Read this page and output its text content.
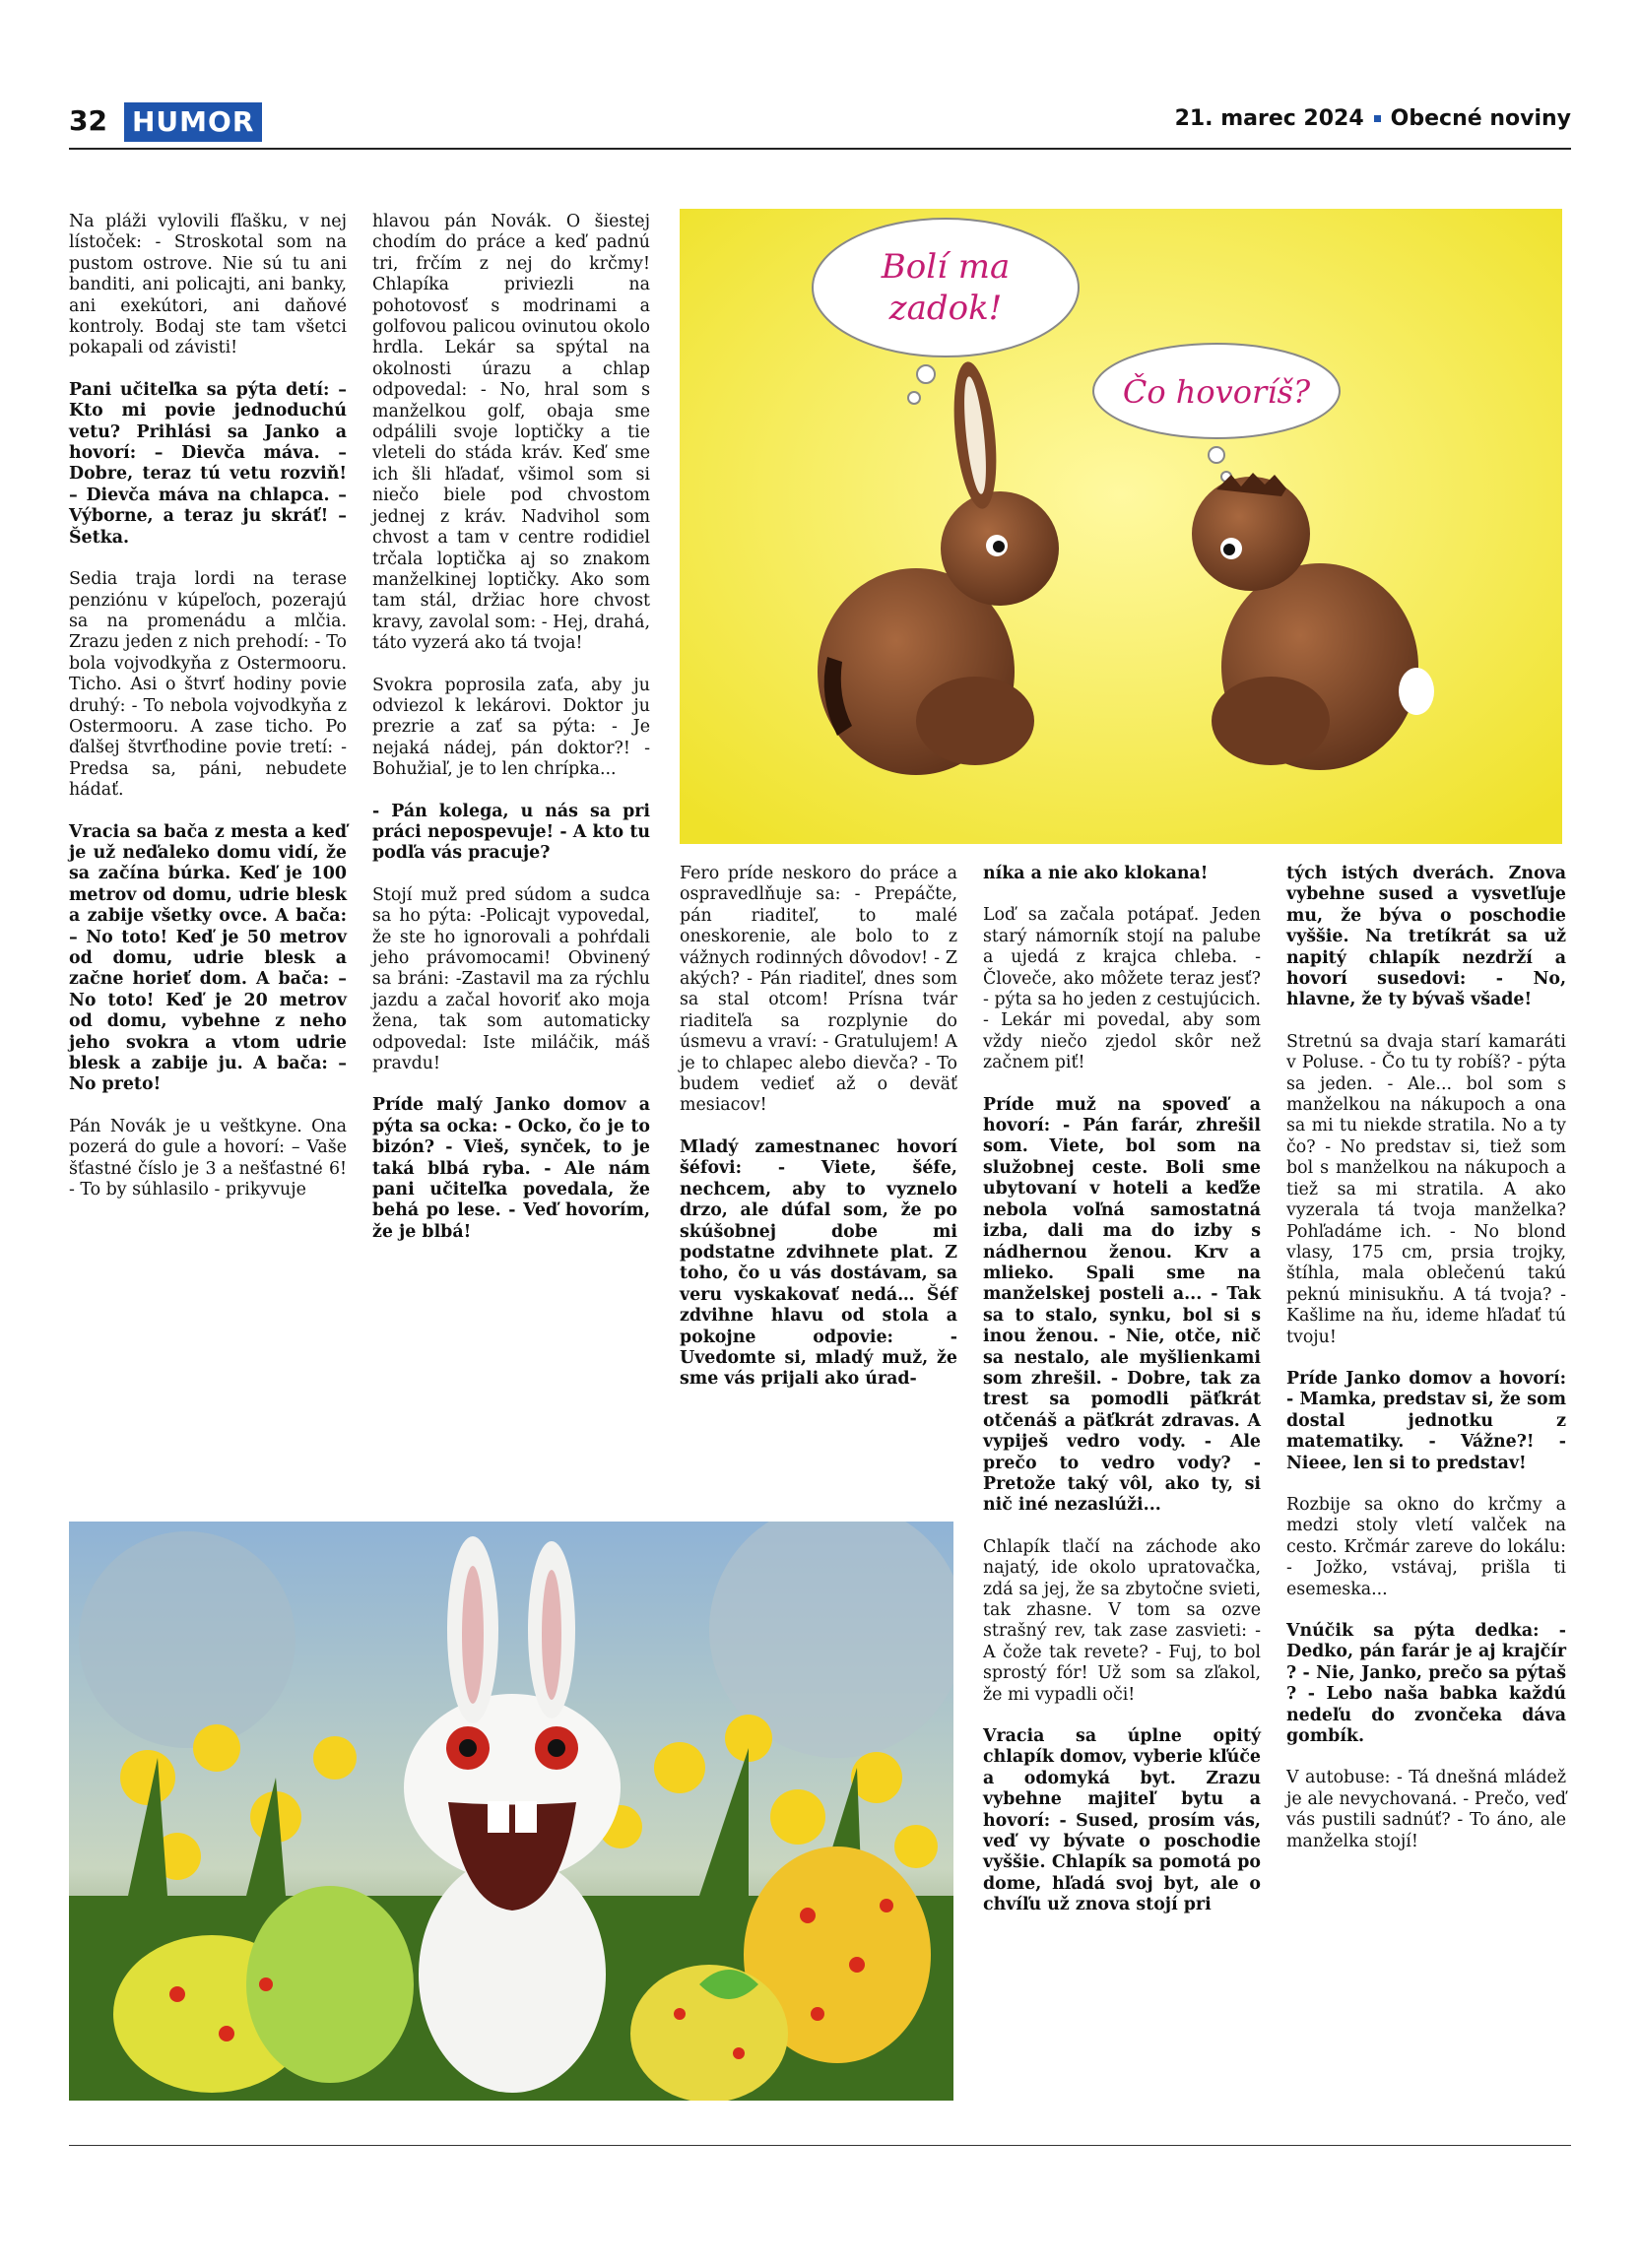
32 HUMOR	21. marec 2024 Obecné noviny

Na pláži vylovili fľašku, v nej lístoček: - Stroskotal som na pustom ostrove. Nie sú tu ani banditi, ani policajti, ani banky, ani exekútori, ani daňové kontroly. Bodaj ste tam všetci pokapali od závisti!

Pani učiteľka sa pýta detí: – Kto mi povie jednoduchú vetu? Prihlási sa Janko a hovorí: – Dievča máva. – Dobre, teraz tú vetu rozviň! – Dievča máva na chlapca. – Výborne, a teraz ju skráť! – Šetka.

Sedia traja lordi na terase penziónu v kúpeľoch, pozerajú sa na promenádu a mlčia. Zrazu jeden z nich prehodí: - To bola vojvodkyňa z Ostermooru. Ticho. Asi o štvrť hodiny povie druhý: - To nebola vojvodkyňa z Ostermooru. A zase ticho. Po ďalšej štvrťhodine povie tretí: - Predsa sa, páni, nebudete hádať.

Vracia sa bača z mesta a keď je už neďaleko domu vidí, že sa začína búrka. Keď je 100 metrov od domu, udrie blesk a zabije všetky ovce. A bača: – No toto! Keď je 50 metrov od domu, udrie blesk a začne horieť dom. A bača: – No toto! Keď je 20 metrov od domu, vybehne z neho jeho svokra a vtom udrie blesk a zabije ju. A bača: – No preto!

Pán Novák je u veštkyne. Ona pozerá do gule a hovorí: – Vaše šťastné číslo je 3 a nešťastné 6! - To by súhlasilo - prikyvuje

hlavou pán Novák. O šiestej chodím do práce a keď padnú tri, frčím z nej do krčmy! Chlapíka priviezli na pohotovosť s modrinami a golfovou palicou ovinutou okolo hrdla. Lekár sa spýtal na okolnosti úrazu a chlap odpovedal: - No, hral som s manželkou golf, obaja sme odpálili svoje loptičky a tie vleteli do stáda kráv. Keď sme ich šli hľadať, všimol som si niečo biele pod chvostom jednej z kráv. Nadvihol som chvost a tam v centre rodidiel trčala loptička aj so znakom manželkinej loptičky. Ako som tam stál, držiac hore chvost kravy, zavolal som: - Hej, drahá, táto vyzerá ako tá tvoja!

Svokra poprosila zaťa, aby ju odviezol k lekárovi. Doktor ju prezrie a zať sa pýta: - Je nejaká nádej, pán doktor?! - Bohužiaľ, je to len chrípka...

- Pán kolega, u nás sa pri práci nepospevuje! - A kto tu podľa vás pracuje?

Stojí muž pred súdom a sudca sa ho pýta: -Policajt vypovedal, že ste ho ignorovali a pohŕdali jeho právomocami! Obvinený sa bráni: -Zastavil ma za rýchlu jazdu a začal hovoriť ako moja žena, tak som automaticky odpovedal: Iste miláčik, máš pravdu!

Príde malý Janko domov a pýta sa ocka: - Ocko, čo je to bizón? - Vieš, synček, to je taká blbá ryba. - Ale nám pani učiteľka povedala, že behá po lese. - Veď hovorím, že je blbá!

Bolí ma
zadok!
Čo hovoríš?

Fero príde neskoro do práce a ospravedlňuje sa: - Prepáčte, pán riaditeľ, to malé oneskorenie, ale bolo to z vážnych rodinných dôvodov! - Z akých? - Pán riaditeľ, dnes som sa stal otcom! Prísna tvár riaditeľa sa rozplynie do úsmevu a vraví: - Gratulujem! A je to chlapec alebo dievča? - To budem vedieť až o deväť mesiacov!

Mladý zamestnanec hovorí šéfovi: - Viete, šéfe, nechcem, aby to vyznelo drzo, ale dúfal som, že po skúšobnej dobe mi podstatne zdvihnete plat. Z toho, čo u vás dostávam, sa veru vyskakovať nedá… Šéf zdvihne hlavu od stola a pokojne odpovie: - Uvedomte si, mladý muž, že sme vás prijali ako úrad-

níka a nie ako klokana!

Loď sa začala potápať. Jeden starý námorník stojí na palube a ujedá z krajca chleba. - Človeče, ako môžete teraz jesť? - pýta sa ho jeden z cestujúcich. - Lekár mi povedal, aby som vždy niečo zjedol skôr než začnem piť!

Príde muž na spoveď a hovorí: - Pán farár, zhrešil som. Viete, bol som na služobnej ceste. Boli sme ubytovaní v hoteli a keďže nebola voľná samostatná izba, dali ma do izby s nádhernou ženou. Krv a mlieko. Spali sme na manželskej posteli a... - Tak sa to stalo, synku, bol si s inou ženou. - Nie, otče, nič sa nestalo, ale myšlienkami som zhrešil. - Dobre, tak za trest sa pomodli päťkrát otčenáš a päťkrát zdravas. A vypiješ vedro vody. - Ale prečo to vedro vody? - Pretože taký vôl, ako ty, si nič iné nezaslúži...

Chlapík tlačí na záchode ako najatý, ide okolo upratovačka, zdá sa jej, že sa zbytočne svieti, tak zhasne. V tom sa ozve strašný rev, tak zase zasvieti: - A čože tak revete? - Fuj, to bol sprostý fór! Už som sa zľakol, že mi vypadli oči!

Vracia sa úplne opitý chlapík domov, vyberie kľúče a odomyká byt. Zrazu vybehne majiteľ bytu a hovorí: - Sused, prosím vás, veď vy bývate o poschodie vyššie. Chlapík sa pomotá po dome, hľadá svoj byt, ale o chvíľu už znova stojí pri

tých istých dverách. Znova vybehne sused a vysvetľuje mu, že býva o poschodie vyššie. Na tretíkrát sa už napitý chlapík nezdrží a hovorí susedovi: - No, hlavne, že ty bývaš všade!

Stretnú sa dvaja starí kamaráti v Poluse. - Čo tu ty robíš? - pýta sa jeden. - Ale... bol som s manželkou na nákupoch a ona sa mi tu niekde stratila. No a ty čo? - No predstav si, tiež som bol s manželkou na nákupoch a tiež sa mi stratila. A ako vyzerala tá tvoja manželka? Pohľadáme ich. - No blond vlasy, 175 cm, prsia trojky, štíhla, mala oblečenú takú peknú minisukňu. A tá tvoja? - Kašlime na ňu, ideme hľadať tú tvoju!

Príde Janko domov a hovorí: - Mamka, predstav si, že som dostal jednotku z matematiky. - Vážne?! - Nieee, len si to predstav!

Rozbije sa okno do krčmy a medzi stoly vletí valček na cesto. Krčmár zareve do lokálu: - Jožko, vstávaj, prišla ti esemeska...

Vnúčik sa pýta dedka: - Dedko, pán farár je aj krajčír ? - Nie, Janko, prečo sa pýtaš ? - Lebo naša babka každú nedeľu do zvončeka dáva gombík.

V autobuse: - Tá dnešná mládež je ale nevychovaná. - Prečo, veď vás pustili sadnúť? - To áno, ale manželka stojí!
